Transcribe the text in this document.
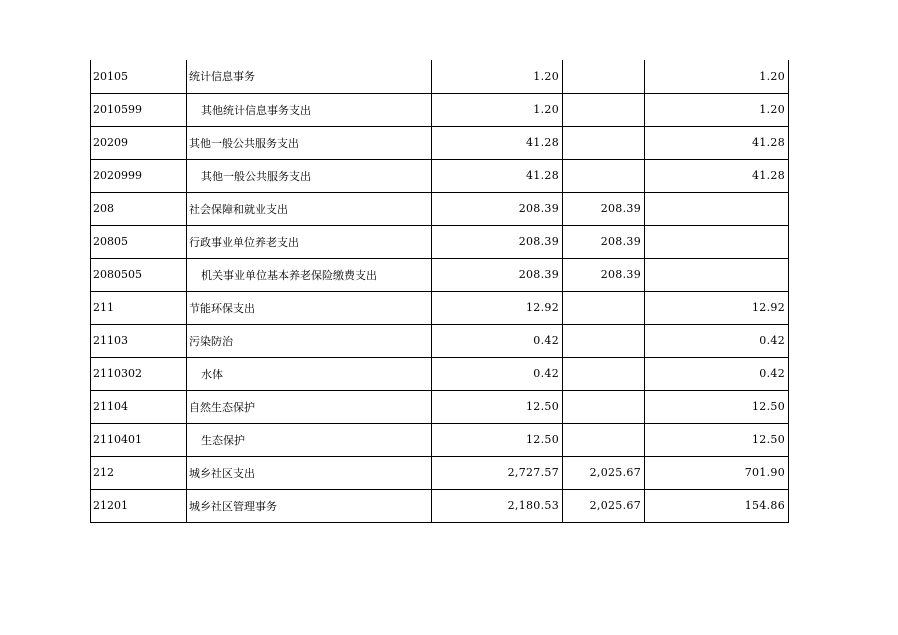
20105	统计信息事务	1.20		1.20
2010599	其他统计信息事务支出	1.20		1.20
20209	其他一般公共服务支出	41.28		41.28
2020999	其他一般公共服务支出	41.28		41.28
208	社会保障和就业支出	208.39	208.39	
20805	行政事业单位养老支出	208.39	208.39	
2080505	机关事业单位基本养老保险缴费支出	208.39	208.39	
211	节能环保支出	12.92		12.92
21103	污染防治	0.42		0.42
2110302	水体	0.42		0.42
21104	自然生态保护	12.50		12.50
2110401	生态保护	12.50		12.50
212	城乡社区支出	2,727.57	2,025.67	701.90
21201	城乡社区管理事务	2,180.53	2,025.67	154.86
